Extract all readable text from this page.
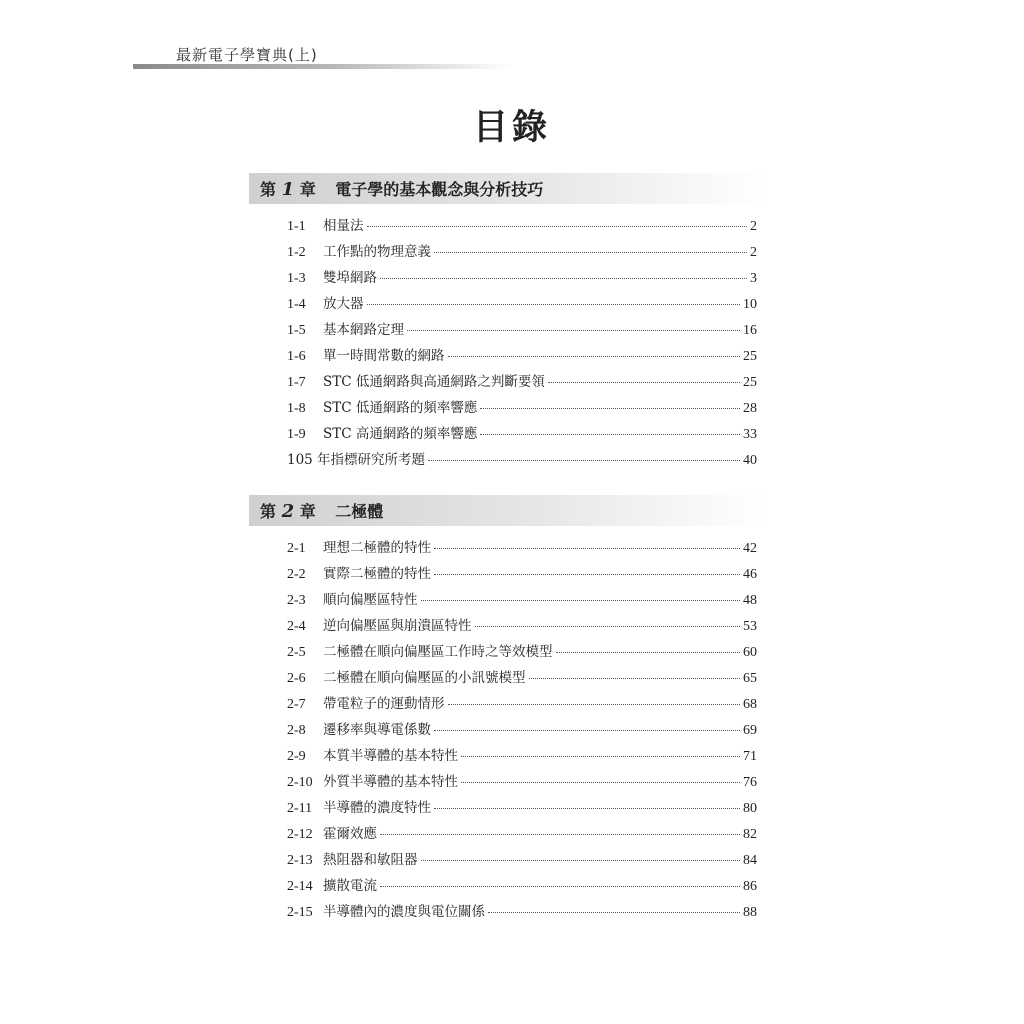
最新電子學寶典(上)
目錄
第 1 章 電子學的基本觀念與分析技巧
1-1	相量法	2
1-2	工作點的物理意義	2
1-3	雙埠網路	3
1-4	放大器	10
1-5	基本網路定理	16
1-6	單一時間常數的網路	25
1-7	STC 低通網路與高通網路之判斷要領	25
1-8	STC 低通網路的頻率響應	28
1-9	STC 高通網路的頻率響應	33
105 年指標研究所考題	40
第 2 章 二極體
2-1	理想二極體的特性	42
2-2	實際二極體的特性	46
2-3	順向偏壓區特性	48
2-4	逆向偏壓區與崩潰區特性	53
2-5	二極體在順向偏壓區工作時之等效模型	60
2-6	二極體在順向偏壓區的小訊號模型	65
2-7	帶電粒子的運動情形	68
2-8	遷移率與導電係數	69
2-9	本質半導體的基本特性	71
2-10 外質半導體的基本特性	76
2-11 半導體的濃度特性	80
2-12 霍爾效應	82
2-13 熱阻器和敏阻器	84
2-14 擴散電流	86
2-15 半導體內的濃度與電位關係	88
